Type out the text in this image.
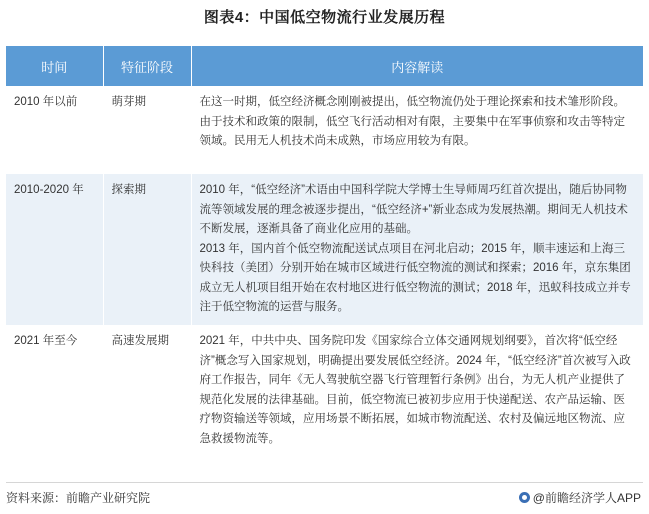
图表4：中国低空物流行业发展历程
时间	特征阶段	内容解读
2010 年以前	萌芽期	在这一时期，低空经济概念刚刚被提出，低空物流仍处于理论探索和技术雏形阶段。由于技术和政策的限制，低空飞行活动相对有限，主要集中在军事侦察和攻击等特定领域。民用无人机技术尚未成熟，市场应用较为有限。

2010-2020 年	探索期	2010 年，“低空经济”术语由中国科学院大学博士生导师周巧红首次提出，随后协同物流等领域发展的理念被逐步提出，“低空经济+”新业态成为发展热潮。期间无人机技术不断发展，逐渐具备了商业化应用的基础。

2013 年，国内首个低空物流配送试点项目在河北启动；2015 年，顺丰速运和上海三快科技（美团）分别开始在城市区域进行低空物流的测试和探索；2016 年，京东集团成立无人机项目组开始在农村地区进行低空物流的测试；2018 年，迅蚁科技成立并专注于低空物流的运营与服务。

2021 年至今	高速发展期	2021 年，中共中央、国务院印发《国家综合立体交通网规划纲要》，首次将“低空经济”概念写入国家规划，明确提出要发展低空经济。2024 年，“低空经济”首次被写入政府工作报告，同年《无人驾驶航空器飞行管理暂行条例》出台，为无人机产业提供了规范化发展的法律基础。目前，低空物流已被初步应用于快递配送、农产品运输、医疗物资输送等领域，应用场景不断拓展，如城市物流配送、农村及偏远地区物流、应急救援物流等。

资料来源：前瞻产业研究院	@前瞻经济学人APP
